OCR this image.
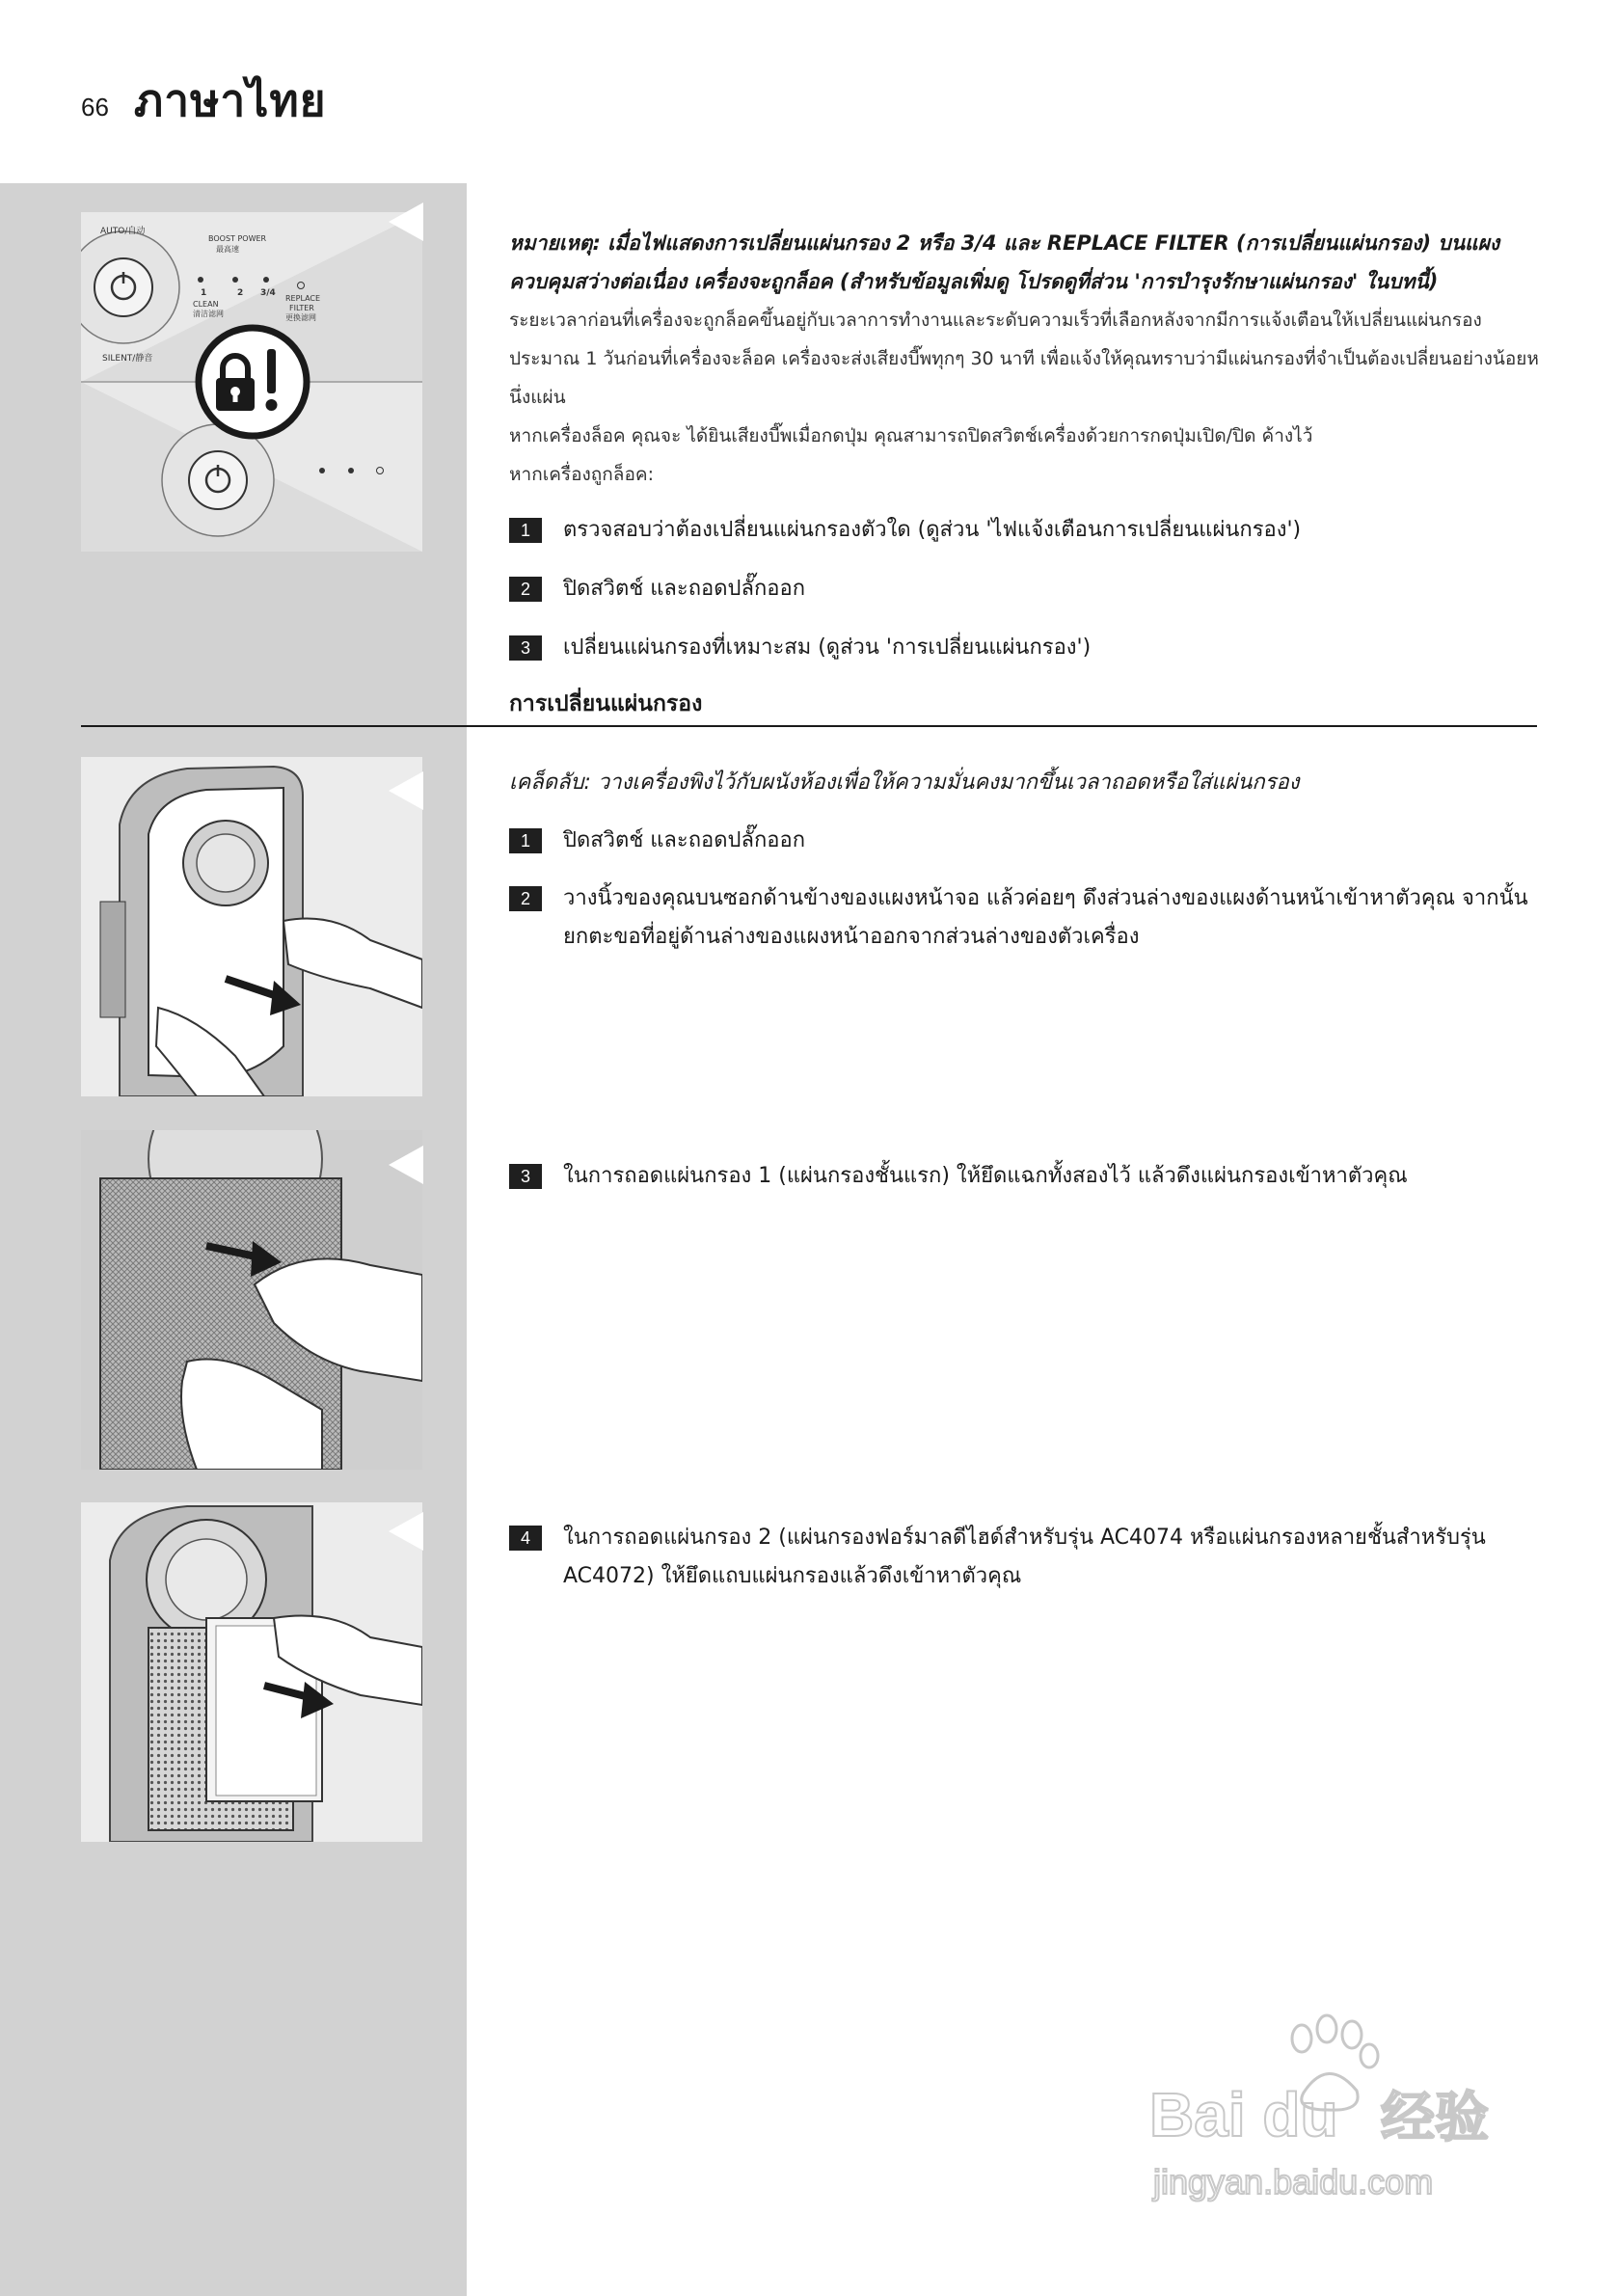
66 ภาษาไทย
AUTO/自动
SILENT/静音
BOOST POWER
最高速
CLEAN
清洁滤网
REPLACE
FILTER
更换滤网
1	2 3/4
หมายเหตุ: เมื่อไฟแสดงการเปลี่ยนแผ่นกรอง 2 หรือ 3/4 และ REPLACE FILTER (การเปลี่ยนแผ่นกรอง) บนแผงควบคุมสว่างต่อเนื่อง เครื่องจะถูกล็อค (สำหรับข้อมูลเพิ่มดู โปรดดูที่ส่วน 'การบำรุงรักษาแผ่นกรอง' ในบทนี้)
ระยะเวลาก่อนที่เครื่องจะถูกล็อคขึ้นอยู่กับเวลาการทำงานและระดับความเร็วที่เลือกหลังจากมีการแจ้งเตือนให้เปลี่ยนแผ่นกรองประมาณ 1 วันก่อนที่เครื่องจะล็อค เครื่องจะส่งเสียงบี๊พทุกๆ 30 นาที เพื่อแจ้งให้คุณทราบว่ามีแผ่นกรองที่จำเป็นต้องเปลี่ยนอย่างน้อยหนึ่งแผ่น
หากเครื่องล็อค คุณจะ ได้ยินเสียงบี๊พเมื่อกดปุ่ม คุณสามารถปิดสวิตช์เครื่องด้วยการกดปุ่มเปิด/ปิด ค้างไว้
หากเครื่องถูกล็อค:
1	ตรวจสอบว่าต้องเปลี่ยนแผ่นกรองตัวใด (ดูส่วน 'ไฟแจ้งเตือนการเปลี่ยนแผ่นกรอง')
2	ปิดสวิตช์ และถอดปลั๊กออก
3	เปลี่ยนแผ่นกรองที่เหมาะสม (ดูส่วน 'การเปลี่ยนแผ่นกรอง')
การเปลี่ยนแผ่นกรอง
เคล็ดลับ: วางเครื่องพิงไว้กับผนังห้องเพื่อให้ความมั่นคงมากขึ้นเวลาถอดหรือใส่แผ่นกรอง
1	ปิดสวิตช์ และถอดปลั๊กออก
2	วางนิ้วของคุณบนซอกด้านข้างของแผงหน้าจอ แล้วค่อยๆ ดึงส่วนล่างของแผงด้านหน้าเข้าหาตัวคุณ จากนั้นยกตะขอที่อยู่ด้านล่างของแผงหน้าออกจากส่วนล่างของตัวเครื่อง
3	ในการถอดแผ่นกรอง 1 (แผ่นกรองชั้นแรก) ให้ยึดแฉกทั้งสองไว้ แล้วดึงแผ่นกรองเข้าหาตัวคุณ
4	ในการถอดแผ่นกรอง 2 (แผ่นกรองฟอร์มาลดีไฮด์สำหรับรุ่น AC4074 หรือแผ่นกรองหลายชั้นสำหรับรุ่น AC4072) ให้ยึดแถบแผ่นกรองแล้วดึงเข้าหาตัวคุณ
Bai du 经验
jingyan.baidu.com
